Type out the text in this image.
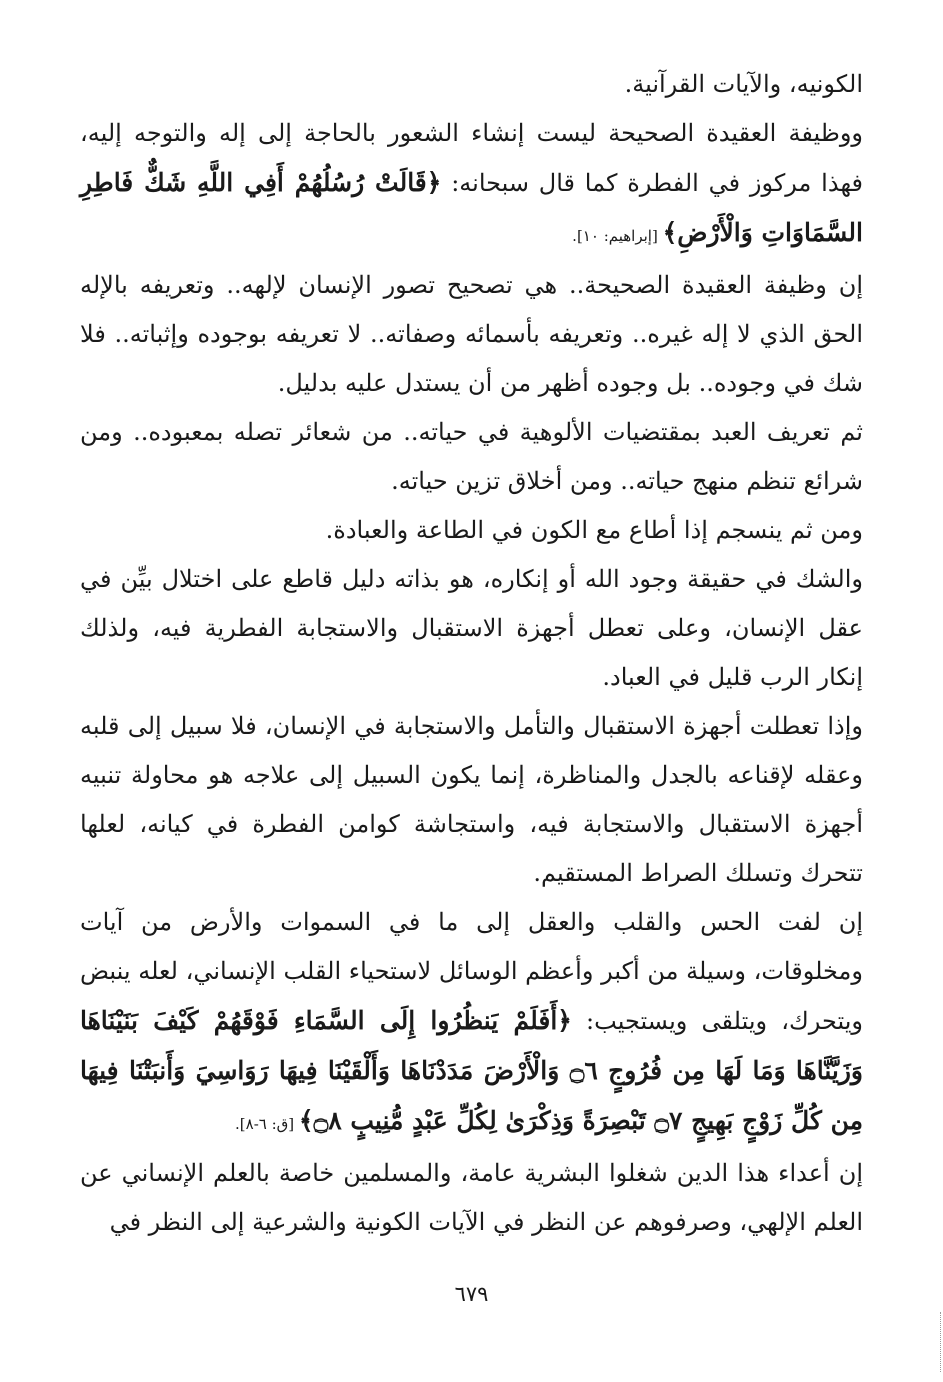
الكونيه، والآيات القرآنية.

ووظيفة العقيدة الصحيحة ليست إنشاء الشعور بالحاجة إلى إله والتوجه إليه، فهذا مركوز في الفطرة كما قال سبحانه: ﴿قَالَتْ رُسُلُهُمْ أَفِي اللَّهِ شَكٌّ فَاطِرِ السَّمَاوَاتِ وَالْأَرْضِ﴾ [إبراهيم: ١٠].

إن وظيفة العقيدة الصحيحة.. هي تصحيح تصور الإنسان لإلهه.. وتعريفه بالإله الحق الذي لا إله غيره.. وتعريفه بأسمائه وصفاته.. لا تعريفه بوجوده وإثباته.. فلا شك في وجوده.. بل وجوده أظهر من أن يستدل عليه بدليل.

ثم تعريف العبد بمقتضيات الألوهية في حياته.. من شعائر تصله بمعبوده.. ومن شرائع تنظم منهج حياته.. ومن أخلاق تزين حياته.

ومن ثم ينسجم إذا أطاع مع الكون في الطاعة والعبادة.

والشك في حقيقة وجود الله أو إنكاره، هو بذاته دليل قاطع على اختلال بيِّن في عقل الإنسان، وعلى تعطل أجهزة الاستقبال والاستجابة الفطرية فيه، ولذلك إنكار الرب قليل في العباد.

وإذا تعطلت أجهزة الاستقبال والتأمل والاستجابة في الإنسان، فلا سبيل إلى قلبه وعقله لإقناعه بالجدل والمناظرة، إنما يكون السبيل إلى علاجه هو محاولة تنبيه أجهزة الاستقبال والاستجابة فيه، واستجاشة كوامن الفطرة في كيانه، لعلها تتحرك وتسلك الصراط المستقيم.

إن لفت الحس والقلب والعقل إلى ما في السموات والأرض من آيات ومخلوقات، وسيلة من أكبر وأعظم الوسائل لاستحياء القلب الإنساني، لعله ينبض ويتحرك، ويتلقى ويستجيب: ﴿أَفَلَمْ يَنظُرُوا إِلَى السَّمَاءِ فَوْقَهُمْ كَيْفَ بَنَيْنَاهَا وَزَيَّنَّاهَا وَمَا لَهَا مِن فُرُوجٍ ۝٦ وَالْأَرْضَ مَدَدْنَاهَا وَأَلْقَيْنَا فِيهَا رَوَاسِيَ وَأَنبَتْنَا فِيهَا مِن كُلِّ زَوْجٍ بَهِيجٍ ۝٧ تَبْصِرَةً وَذِكْرَىٰ لِكُلِّ عَبْدٍ مُّنِيبٍ ۝٨﴾ [ق: ٦-٨].

إن أعداء هذا الدين شغلوا البشرية عامة، والمسلمين خاصة بالعلم الإنساني عن العلم الإلهي، وصرفوهم عن النظر في الآيات الكونية والشرعية إلى النظر في

٦٧٩
